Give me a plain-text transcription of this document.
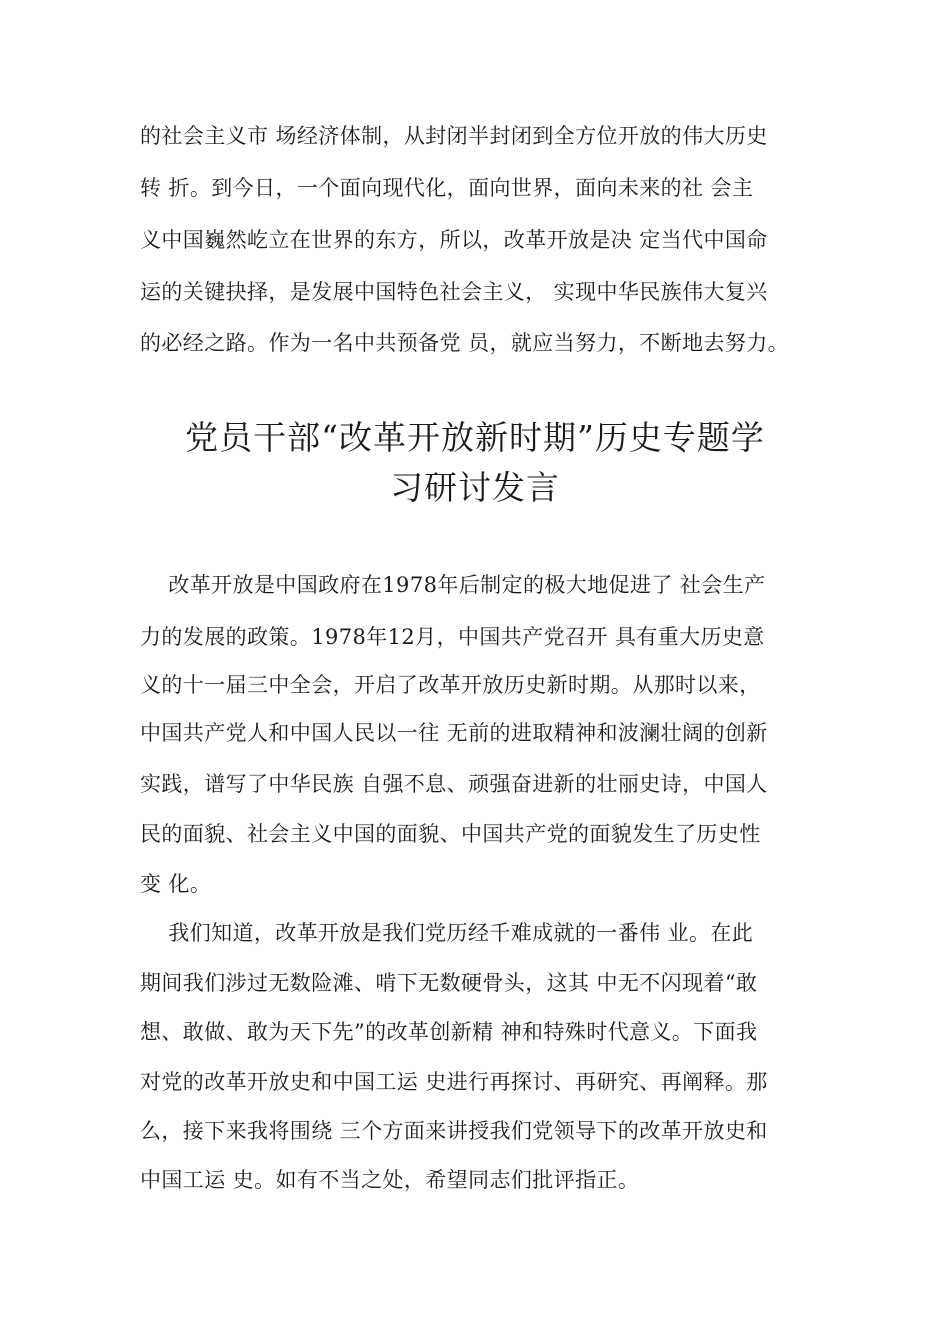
的社会主义市 场经济体制，从封闭半封闭到全方位开放的伟大历史
转 折。到今日，一个面向现代化，面向世界，面向未来的社 会主
义中国巍然屹立在世界的东方，所以，改革开放是决 定当代中国命
运的关键抉择，是发展中国特色社会主义， 实现中华民族伟大复兴
的必经之路。作为一名中共预备党 员，就应当努力，不断地去努力。
党员干部“改革开放新时期”历史专题学
习研讨发言
改革开放是中国政府在1978年后制定的极大地促进了 社会生产
力的发展的政策。1978年12月，中国共产党召开 具有重大历史意
义的十一届三中全会，开启了改革开放历史新时期。从那时以来，
中国共产党人和中国人民以一往 无前的进取精神和波澜壮阔的创新
实践，谱写了中华民族 自强不息、顽强奋进新的壮丽史诗，中国人
民的面貌、社会主义中国的面貌、中国共产党的面貌发生了历史性
变 化。
我们知道，改革开放是我们党历经千难成就的一番伟 业。在此
期间我们涉过无数险滩、啃下无数硬骨头，这其 中无不闪现着“敢
想、敢做、敢为天下先”的改革创新精 神和特殊时代意义。下面我
对党的改革开放史和中国工运 史进行再探讨、再研究、再阐释。那
么，接下来我将围绕 三个方面来讲授我们党领导下的改革开放史和
中国工运 史。如有不当之处，希望同志们批评指正。
